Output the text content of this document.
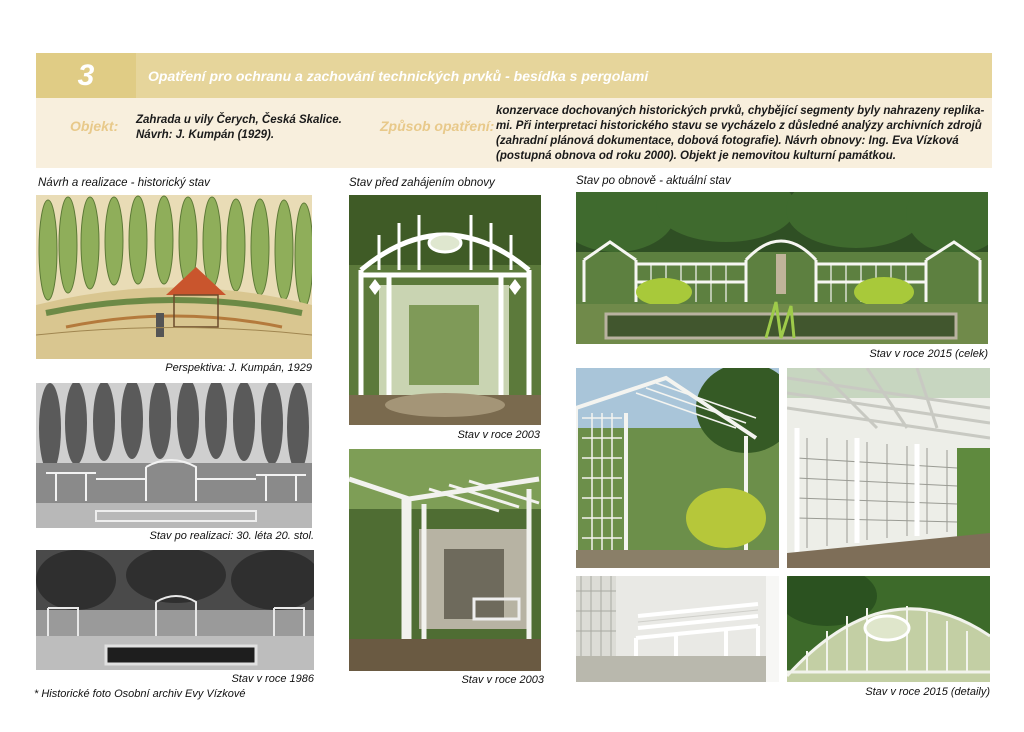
3	Opatření pro ochranu a zachování technických prvků - besídka s pergolami
Objekt: Zahrada u vily Čerych, Česká Skalice.
Návrh: J. Kumpán (1929).
Způsob opatření:
konzervace dochovaných historických prvků, chybějící segmenty byly nahrazeny replika-
mi. Při interpretaci historického stavu se vycházelo z důsledné analýzy archivních zdrojů
(zahradní plánová dokumentace, dobová fotografie). Návrh obnovy: Ing. Eva Vízková
(postupná obnova od roku 2000). Objekt je nemovitou kulturní památkou.
Návrh a realizace - historický stav	Stav před zahájením obnovy	Stav po obnově - aktuální stav
Perspektiva: J. Kumpán, 1929
Stav po realizaci: 30. léta 20. stol.
Stav v roce 1986
* Historické foto Osobní archiv Evy Vízkové
Stav v roce 2003
Stav v roce 2003
Stav v roce 2015 (celek)
Stav v roce 2015 (detaily)
